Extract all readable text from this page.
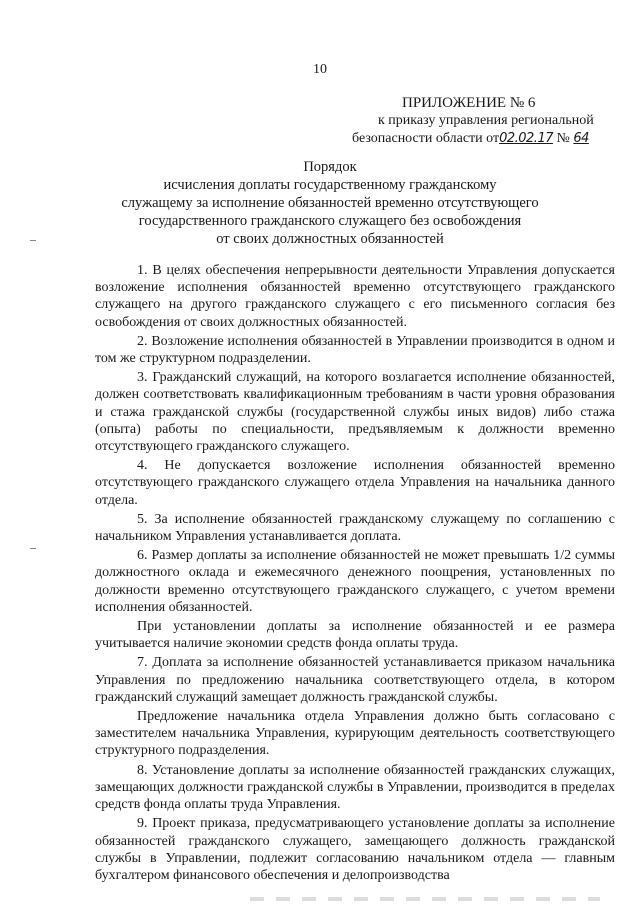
10
ПРИЛОЖЕНИЕ № 6
к приказу управления региональной
безопасности области от02.02.17 № 64
Порядок
исчисления доплаты государственному гражданскому
служащему за исполнение обязанностей временно отсутствующего
государственного гражданского служащего без освобождения
от своих должностных обязанностей

1. В целях обеспечения непрерывности деятельности Управления допускается возложение исполнения обязанностей временно отсутствующего гражданского служащего на другого гражданского служащего с его письменного согласия без освобождения от своих должностных обязанностей.

2. Возложение исполнения обязанностей в Управлении производится в одном и том же структурном подразделении.

3. Гражданский служащий, на которого возлагается исполнение обязанностей, должен соответствовать квалификационным требованиям в части уровня образования и стажа гражданской службы (государственной службы иных видов) либо стажа (опыта) работы по специальности, предъявляемым к должности временно отсутствующего гражданского служащего.

4. Не допускается возложение исполнения обязанностей временно отсутствующего гражданского служащего отдела Управления на начальника данного отдела.

5. За исполнение обязанностей гражданскому служащему по соглашению с начальником Управления устанавливается доплата.

6. Размер доплаты за исполнение обязанностей не может превышать 1/2 суммы должностного оклада и ежемесячного денежного поощрения, установленных по должности временно отсутствующего гражданского служащего, с учетом времени исполнения обязанностей.

При установлении доплаты за исполнение обязанностей и ее размера учитывается наличие экономии средств фонда оплаты труда.

7. Доплата за исполнение обязанностей устанавливается приказом начальника Управления по предложению начальника соответствующего отдела, в котором гражданский служащий замещает должность гражданской службы.

Предложение начальника отдела Управления должно быть согласовано с заместителем начальника Управления, курирующим деятельность соответствующего структурного подразделения.

8. Установление доплаты за исполнение обязанностей гражданских служащих, замещающих должности гражданской службы в Управлении, производится в пределах средств фонда оплаты труда Управления.

9. Проект приказа, предусматривающего установление доплаты за исполнение обязанностей гражданского служащего, замещающего должность гражданской службы в Управлении, подлежит согласованию начальником отдела — главным бухгалтером финансового обеспечения и делопроизводства
